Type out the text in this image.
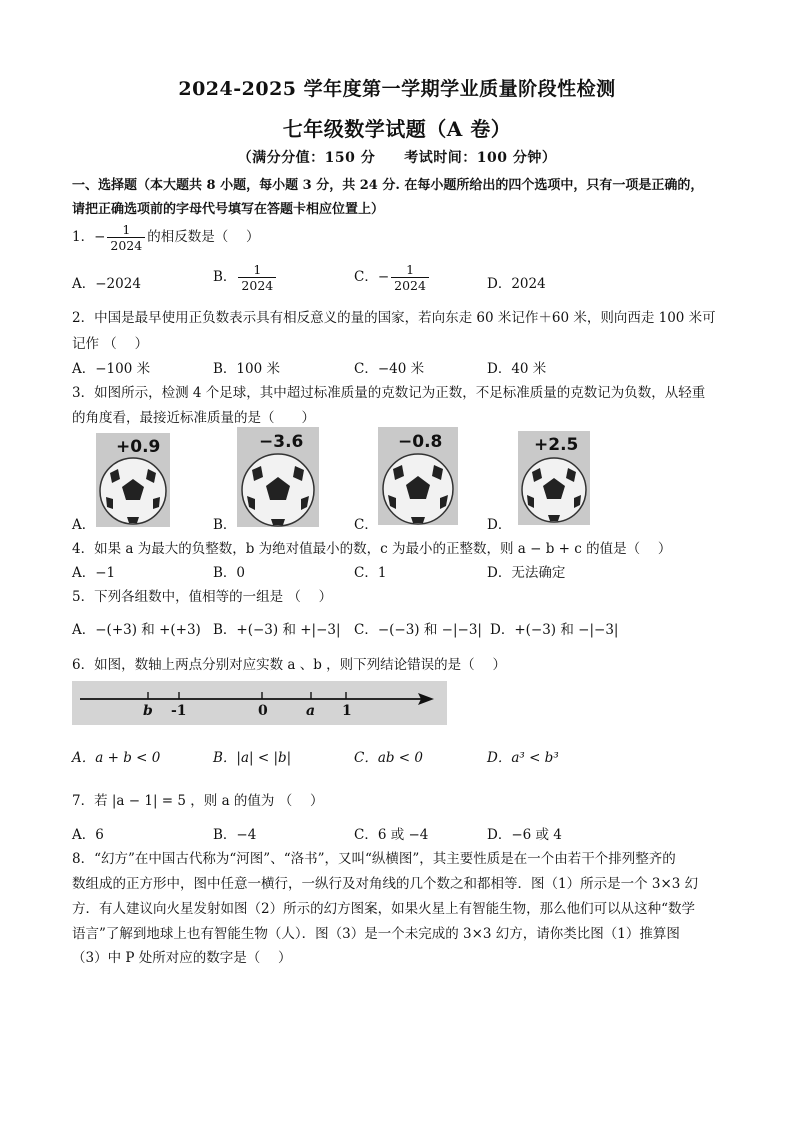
2024-2025 学年度第一学期学业质量阶段性检测
七年级数学试题（A 卷）
（满分分值：150 分　　考试时间：100 分钟）
一、选择题（本大题共 8 小题，每小题 3 分，共 24 分. 在每小题所给出的四个选项中，只有一项是正确的，
请把正确选项前的字母代号填写在答题卡相应位置上）
1．− $\frac{1}{2024}$ 的相反数是（　 ）
A．−2024	B． $\frac{1}{2024}$	C．− $\frac{1}{2024}$	D．2024
2．中国是最早使用正负数表示具有相反意义的量的国家，若向东走 60 米记作＋60 米，则向西走 100 米可
记作 （　 ）
A．−100 米	B．100 米	C．−40 米	D．40 米
3．如图所示，检测 4 个足球，其中超过标准质量的克数记为正数，不足标准质量的克数记为负数，从轻重
的角度看，最接近标准质量的是（　　）
A．
+0.9
B．
−3.6
C．
−0.8
D．
+2.5
4．如果 a 为最大的负整数，b 为绝对值最小的数，c 为最小的正整数，则 a − b + c 的值是（　 ）
A．−1	B．0	C．1	D．无法确定
5．下列各组数中，值相等的一组是 （　 ）
A．−(+3) 和 +(+3) B．+(−3) 和 +|−3| C．−(−3) 和 −|−3| D．+(−3) 和 −|−3|
6．如图，数轴上两点分别对应实数 a 、b ，则下列结论错误的是（　 ）
b -1	0	a 1
A．a + b < 0	B．|a| < |b|	C．ab < 0	D．a³ < b³
7．若 |a − 1| = 5 ，则 a 的值为 （　 ）
A．6	B．−4	C．6 或 −4	D．−6 或 4
8．“幻方”在中国古代称为“河图”、“洛书”，又叫“纵横图”，其主要性质是在一个由若干个排列整齐的
数组成的正方形中，图中任意一横行，一纵行及对角线的几个数之和都相等．图（1）所示是一个 3×3 幻
方．有人建议向火星发射如图（2）所示的幻方图案，如果火星上有智能生物，那么他们可以从这种“数学
语言”了解到地球上也有智能生物（人）．图（3）是一个未完成的 3×3 幻方，请你类比图（1）推算图
（3）中 P 处所对应的数字是（　 ）
